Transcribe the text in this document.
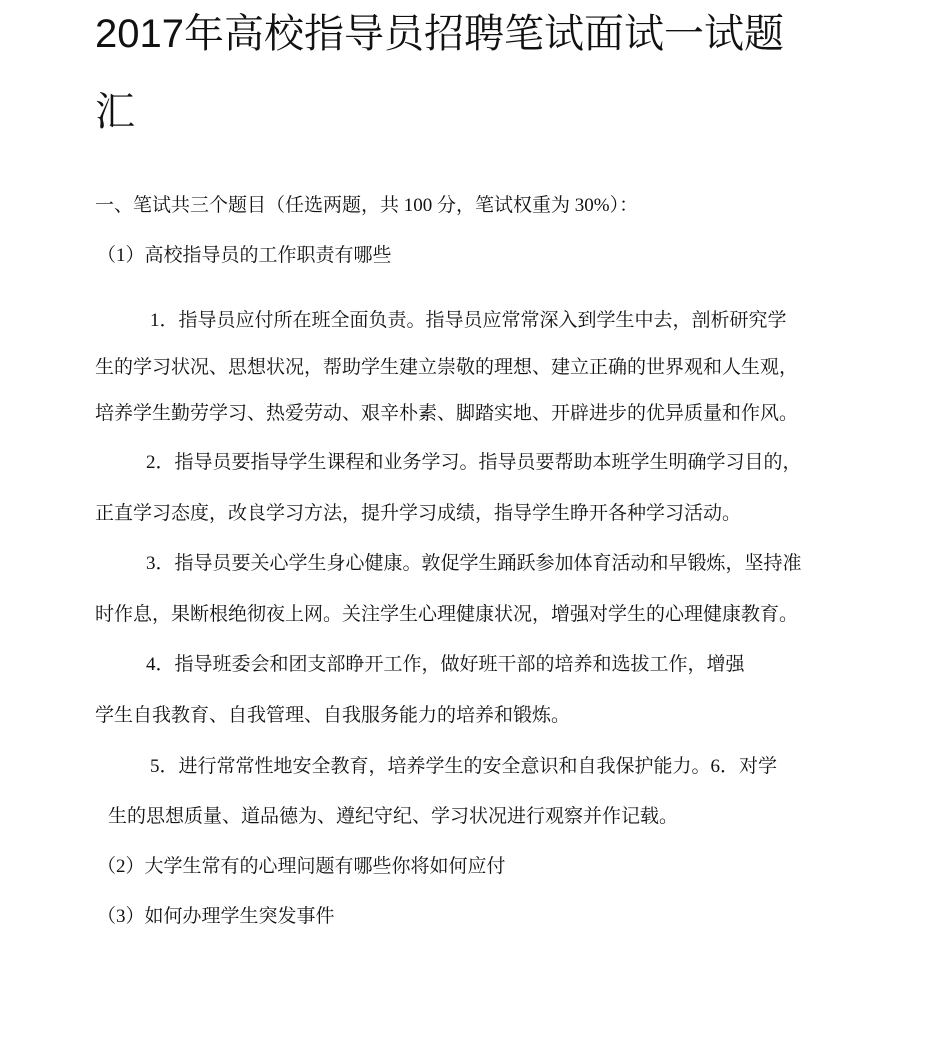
2017年高校指导员招聘笔试面试一试题
汇

一、笔试共三个题目（任选两题，共 100 分，笔试权重为 30%）：

（1）高校指导员的工作职责有哪些

1．指导员应付所在班全面负责。指导员应常常深入到学生中去，剖析研究学

生的学习状况、思想状况，帮助学生建立崇敬的理想、建立正确的世界观和人生观，

培养学生勤劳学习、热爱劳动、艰辛朴素、脚踏实地、开辟进步的优异质量和作风。

2．指导员要指导学生课程和业务学习。指导员要帮助本班学生明确学习目的，

正直学习态度，改良学习方法，提升学习成绩，指导学生睁开各种学习活动。

3．指导员要关心学生身心健康。敦促学生踊跃参加体育活动和早锻炼，坚持准

时作息，果断根绝彻夜上网。关注学生心理健康状况，增强对学生的心理健康教育。

4．指导班委会和团支部睁开工作，做好班干部的培养和选拔工作，增强

学生自我教育、自我管理、自我服务能力的培养和锻炼。

5．进行常常性地安全教育，培养学生的安全意识和自我保护能力。6．对学

生的思想质量、道品德为、遵纪守纪、学习状况进行观察并作记载。

（2）大学生常有的心理问题有哪些你将如何应付

（3）如何办理学生突发事件
